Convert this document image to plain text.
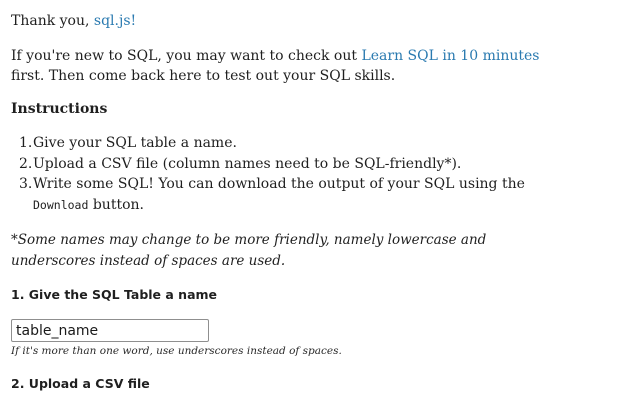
Thank you, sql.js!

If you're new to SQL, you may want to check out Learn SQL in 10 minutes first. Then come back here to test out your SQL skills.

Instructions
1. Give your SQL table a name.
2. Upload a CSV file (column names need to be SQL-friendly*).
3. Write some SQL! You can download the output of your SQL using the Download button.

*Some names may change to be more friendly, namely lowercase and underscores instead of spaces are used.

1. Give the SQL Table a name
table_name

If it's more than one word, use underscores instead of spaces.

2. Upload a CSV file
